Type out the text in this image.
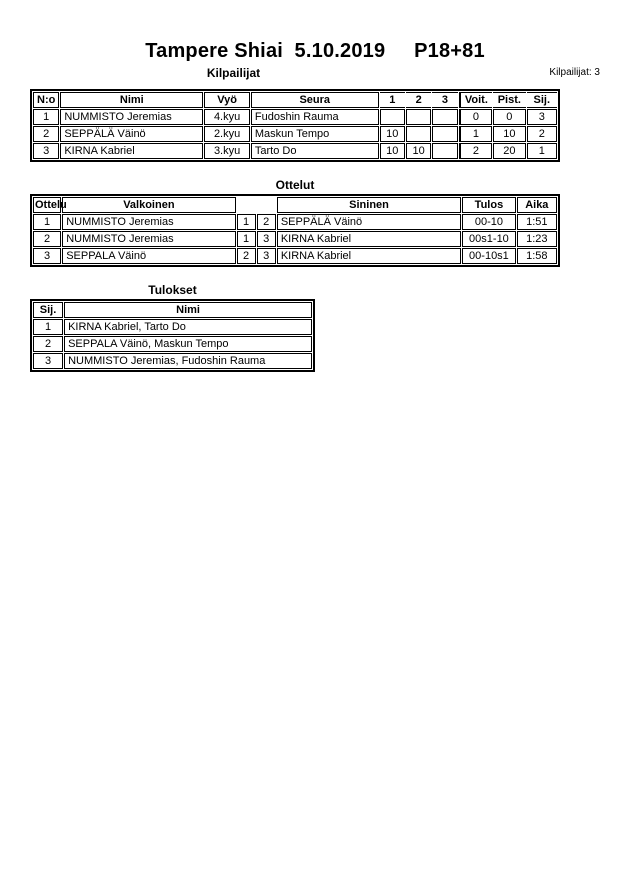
Tampere Shiai  5.10.2019     P18+81
Kilpailijat	Kilpailijat: 3
N:o	Nimi	Vyö	Seura	1	2	3	Voit.	Pist.	Sij.
1	NUMMISTO Jeremias	4.kyu	Fudoshin Rauma				0	0	3
2	SEPPÄLÄ Väinö	2.kyu	Maskun Tempo	10			1	10	2
3	KIRNA Kabriel	3.kyu	Tarto Do	10	10		2	20	1
Ottelut
Ottelu	Valkoinen			Sininen	Tulos	Aika
1	NUMMISTO Jeremias	1	2	SEPPÄLÄ Väinö	00-10	1:51
2	NUMMISTO Jeremias	1	3	KIRNA Kabriel	00s1-10	1:23
3	SEPPALA Väinö	2	3	KIRNA Kabriel	00-10s1	1:58
Tulokset
Sij.	Nimi
1	KIRNA Kabriel, Tarto Do
2	SEPPALA Väinö, Maskun Tempo
3	NUMMISTO Jeremias, Fudoshin Rauma
